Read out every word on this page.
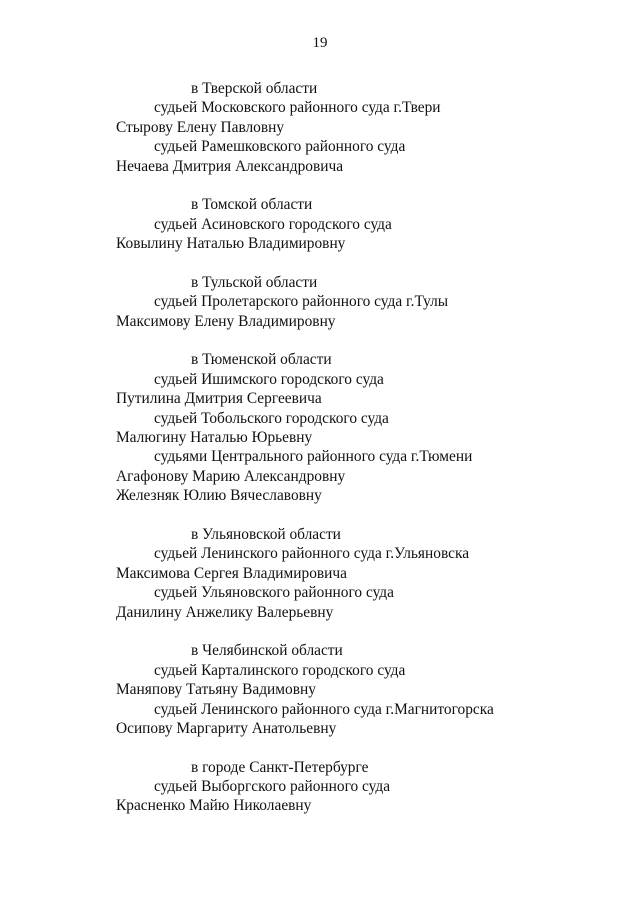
19
в Тверской области
судьей Московского районного суда г.Твери
Стырову Елену Павловну
судьей Рамешковского районного суда
Нечаева Дмитрия Александровича
в Томской области
судьей Асиновского городского суда
Ковылину Наталью Владимировну
в Тульской области
судьей Пролетарского районного суда г.Тулы
Максимову Елену Владимировну
в Тюменской области
судьей Ишимского городского суда
Путилина Дмитрия Сергеевича
судьей Тобольского городского суда
Малюгину Наталью Юрьевну
судьями Центрального районного суда г.Тюмени
Агафонову Марию Александровну
Железняк Юлию Вячеславовну
в Ульяновской области
судьей Ленинского районного суда г.Ульяновска
Максимова Сергея Владимировича
судьей Ульяновского районного суда
Данилину Анжелику Валерьевну
в Челябинской области
судьей Карталинского городского суда
Маняпову Татьяну Вадимовну
судьей Ленинского районного суда г.Магнитогорска
Осипову Маргариту Анатольевну
в городе Санкт-Петербурге
судьей Выборгского районного суда
Красненко Майю Николаевну
